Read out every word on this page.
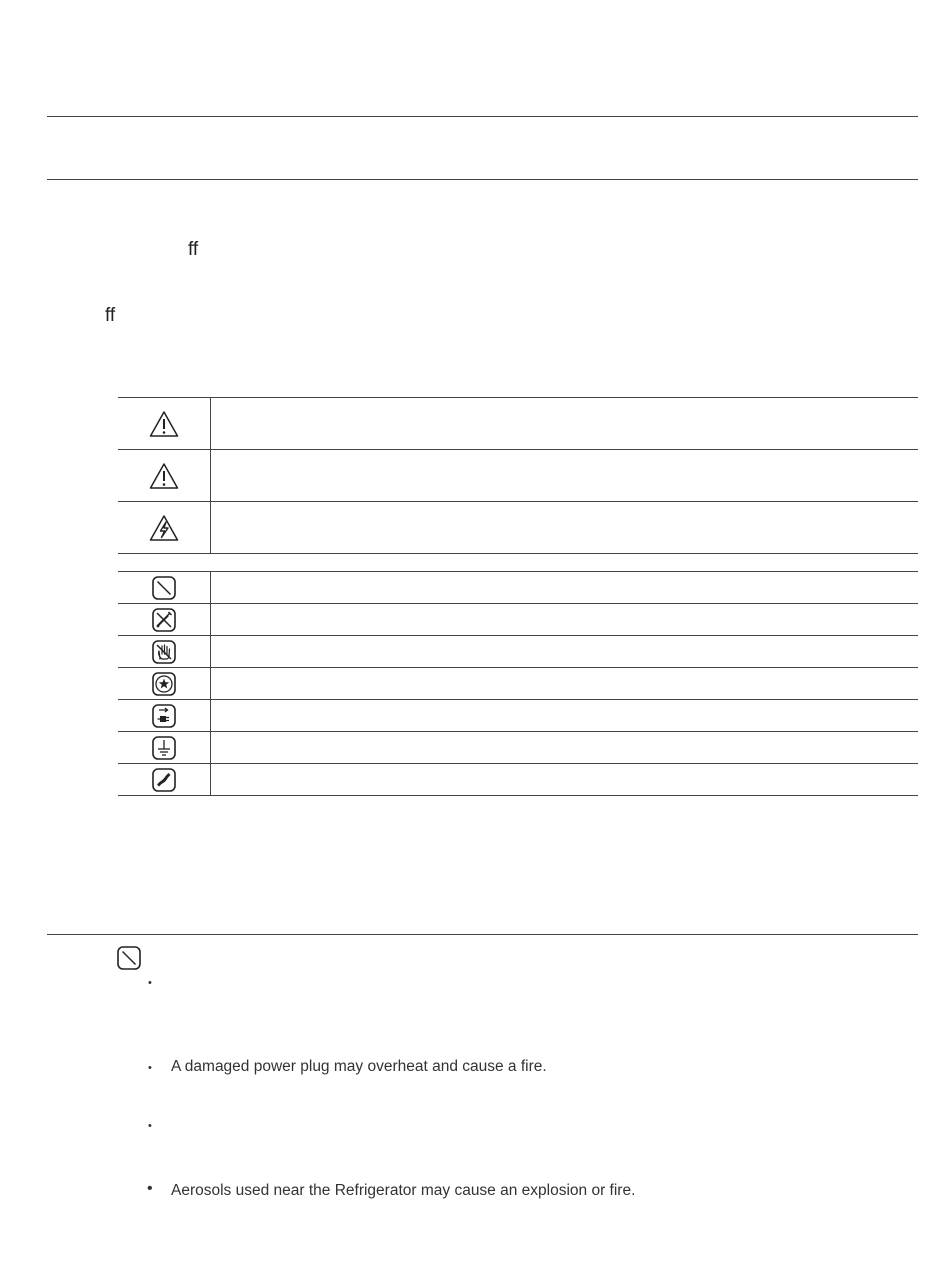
ff
ff

•
• A damaged power plug may overheat and cause a fire.
•
• Aerosols used near the Refrigerator may cause an explosion or fire.
